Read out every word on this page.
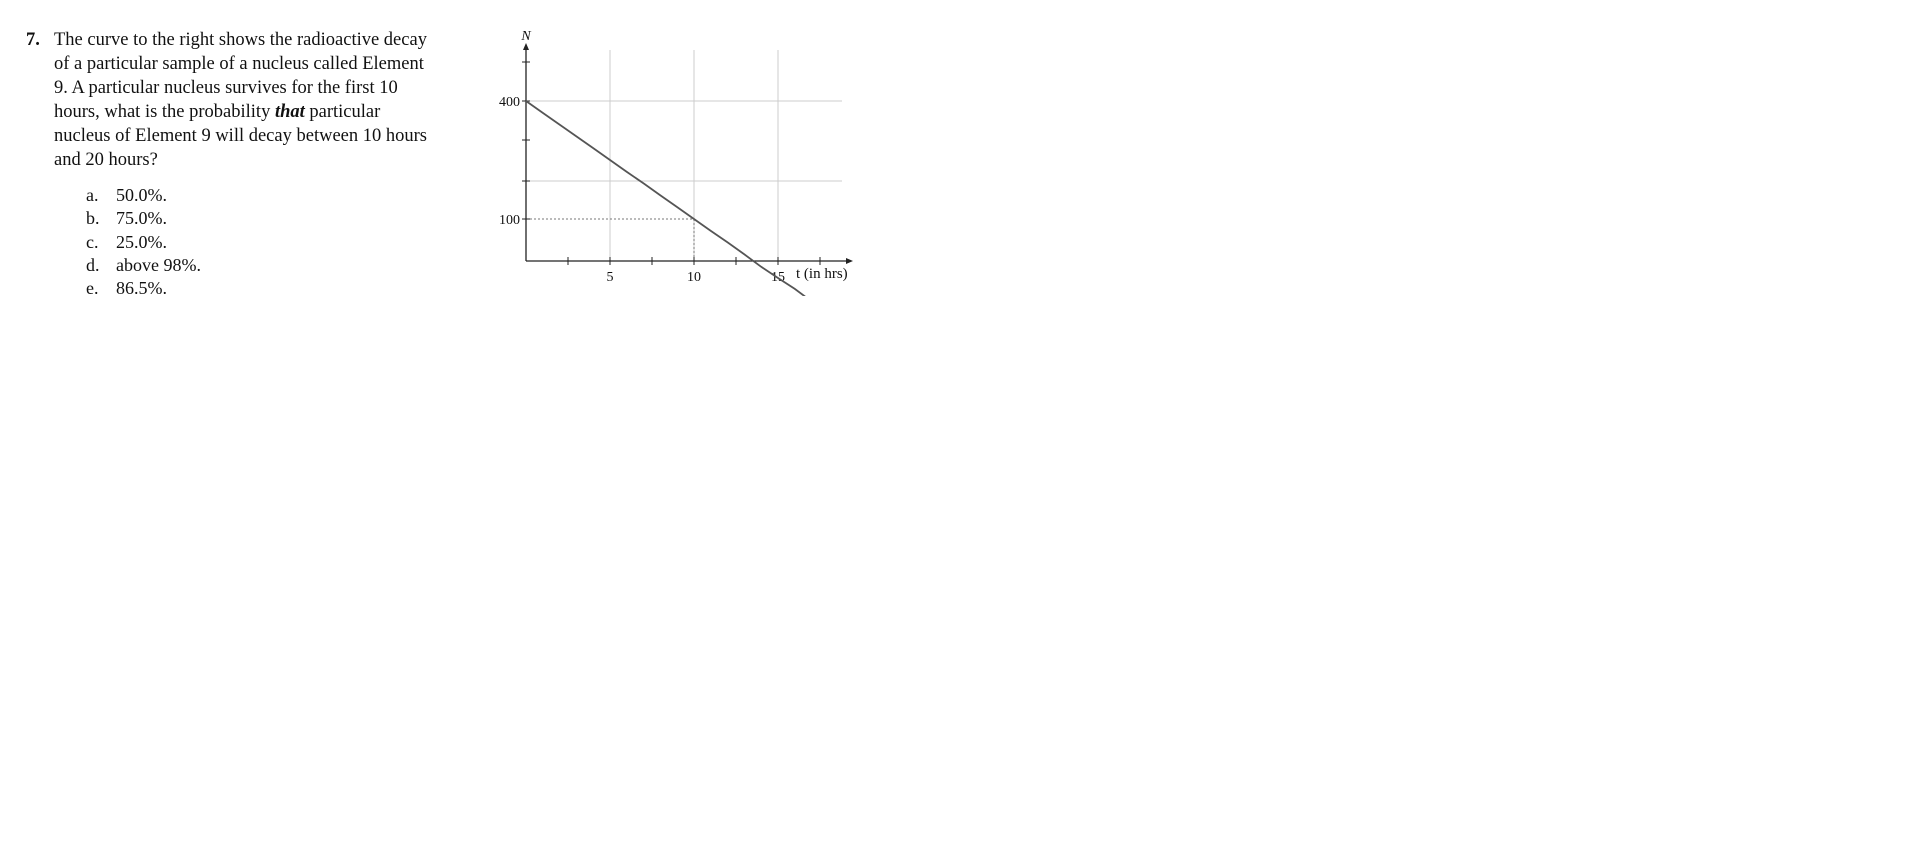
7. The curve to the right shows the radioactive decay
of a particular sample of a nucleus called Element
9. A particular nucleus survives for the first 10
hours, what is the probability that particular
nucleus of Element 9 will decay between 10 hours
and 20 hours?
a. 50.0%.
b. 75.0%.
c. 25.0%.
d. above 98%.
e. 86.5%.
5	10	15
400
100
N
t (in hrs)
